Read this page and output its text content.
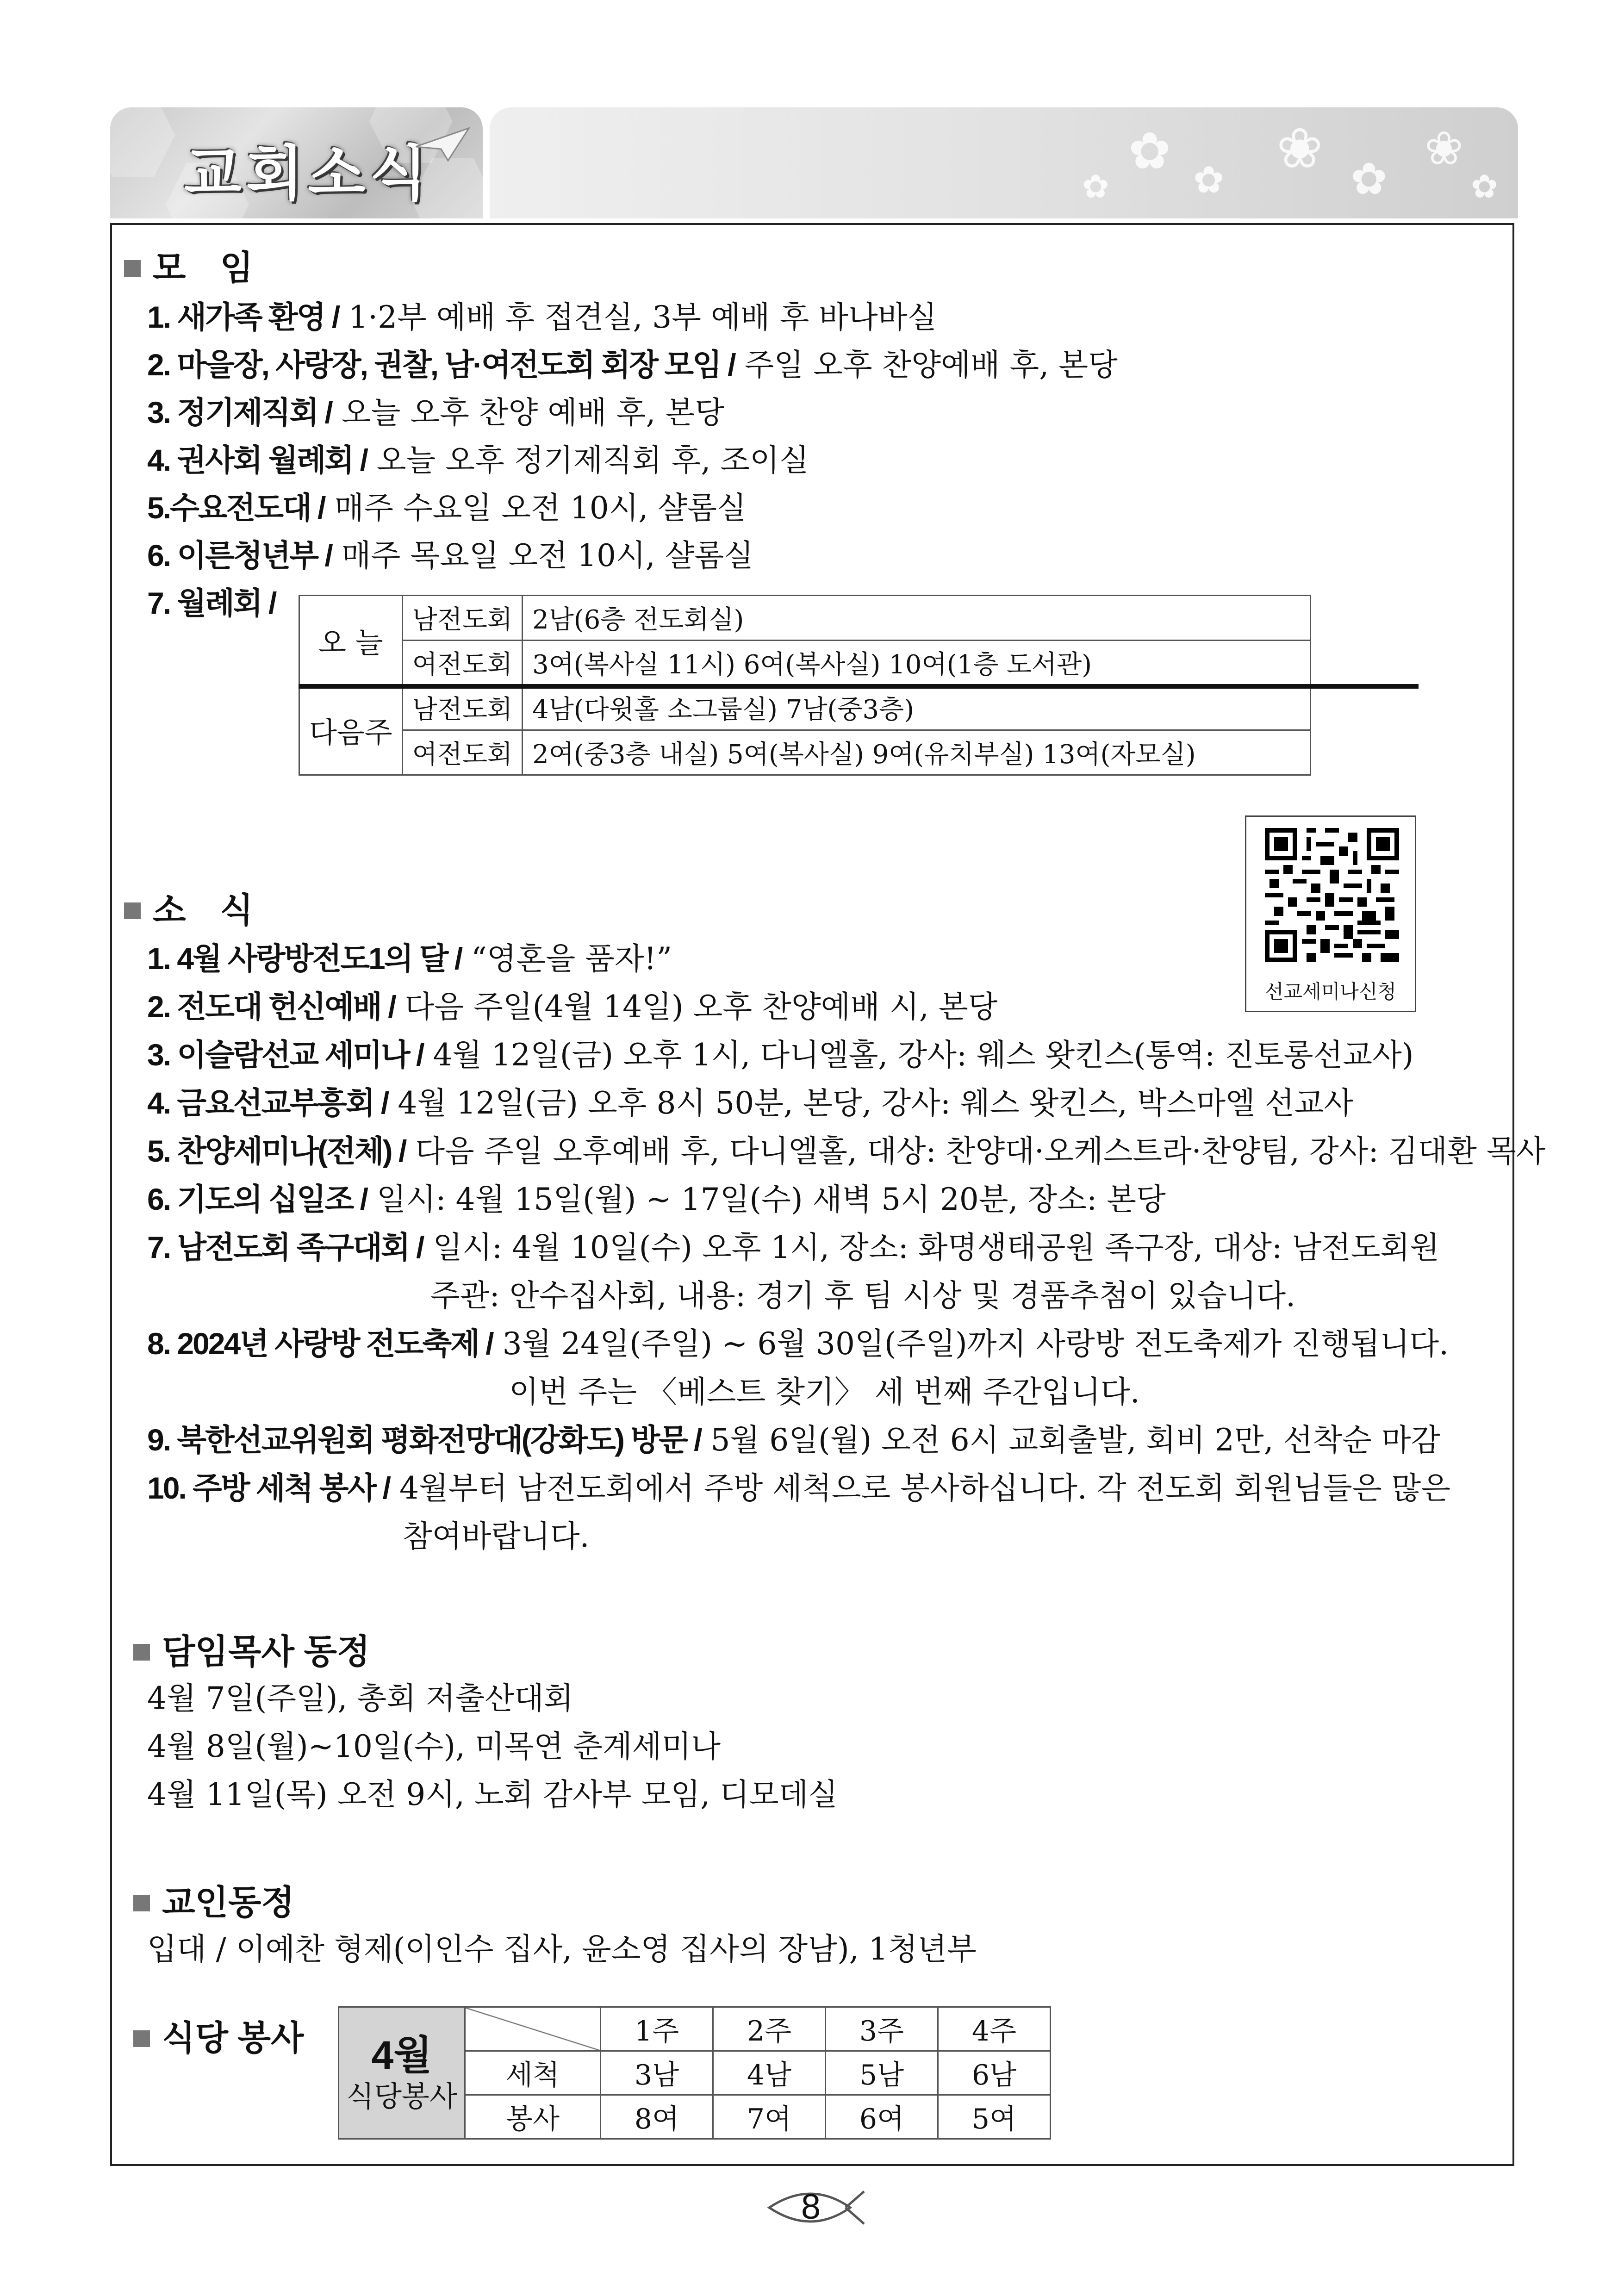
교회소식	✿ ✿ ❀ ✿
❀
✿	✿
모　임
1. 새가족 환영 / 1·2부 예배 후 접견실, 3부 예배 후 바나바실
2. 마을장, 사랑장, 권찰, 남·여전도회 회장 모임 / 주일 오후 찬양예배 후, 본당
3. 정기제직회 / 오늘 오후 찬양 예배 후, 본당
4. 권사회 월례회 / 오늘 오후 정기제직회 후, 조이실
5.수요전도대 / 매주 수요일 오전 10시, 샬롬실
6. 이른청년부 / 매주 목요일 오전 10시, 샬롬실
7. 월례회 /
오 늘	남전도회	2남(6층 전도회실)
	여전도회	3여(복사실 11시) 6여(복사실) 10여(1층 도서관)
다음주	남전도회	4남(다윗홀 소그룹실) 7남(중3층)
	여전도회	2여(중3층 내실) 5여(복사실) 9여(유치부실) 13여(자모실)
선교세미나신청
소　식
1. 4월 사랑방전도1의 달 / “영혼을 품자!”
2. 전도대 헌신예배 / 다음 주일(4월 14일) 오후 찬양예배 시, 본당
3. 이슬람선교 세미나 / 4월 12일(금) 오후 1시, 다니엘홀, 강사: 웨스 왓킨스(통역: 진토롱선교사)
4. 금요선교부흥회 / 4월 12일(금) 오후 8시 50분, 본당, 강사: 웨스 왓킨스, 박스마엘 선교사
5. 찬양세미나(전체) / 다음 주일 오후예배 후, 다니엘홀, 대상: 찬양대·오케스트라·찬양팀, 강사: 김대환 목사
6. 기도의 십일조 / 일시: 4월 15일(월) ~ 17일(수) 새벽 5시 20분, 장소: 본당
7. 남전도회 족구대회 / 일시: 4월 10일(수) 오후 1시, 장소: 화명생태공원 족구장, 대상: 남전도회원
주관: 안수집사회, 내용: 경기 후 팀 시상 및 경품추첨이 있습니다.
8. 2024년 사랑방 전도축제 / 3월 24일(주일) ~ 6월 30일(주일)까지 사랑방 전도축제가 진행됩니다.
이번 주는 〈베스트 찾기〉 세 번째 주간입니다.
9. 북한선교위원회 평화전망대(강화도) 방문 / 5월 6일(월) 오전 6시 교회출발, 회비 2만, 선착순 마감
10. 주방 세척 봉사 / 4월부터 남전도회에서 주방 세척으로 봉사하십니다. 각 전도회 회원님들은 많은
참여바랍니다.
담임목사 동정
4월 7일(주일), 총회 저출산대회
4월 8일(월)~10일(수), 미목연 춘계세미나
4월 11일(목) 오전 9시, 노회 감사부 모임, 디모데실
교인동정
입대 / 이예찬 형제(이인수 집사, 윤소영 집사의 장남), 1청년부
식당 봉사	4월
식당봉사		1주	2주	3주	4주
	세척	3남	4남	5남	6남
	봉사	8여	7여	6여	5여
8
